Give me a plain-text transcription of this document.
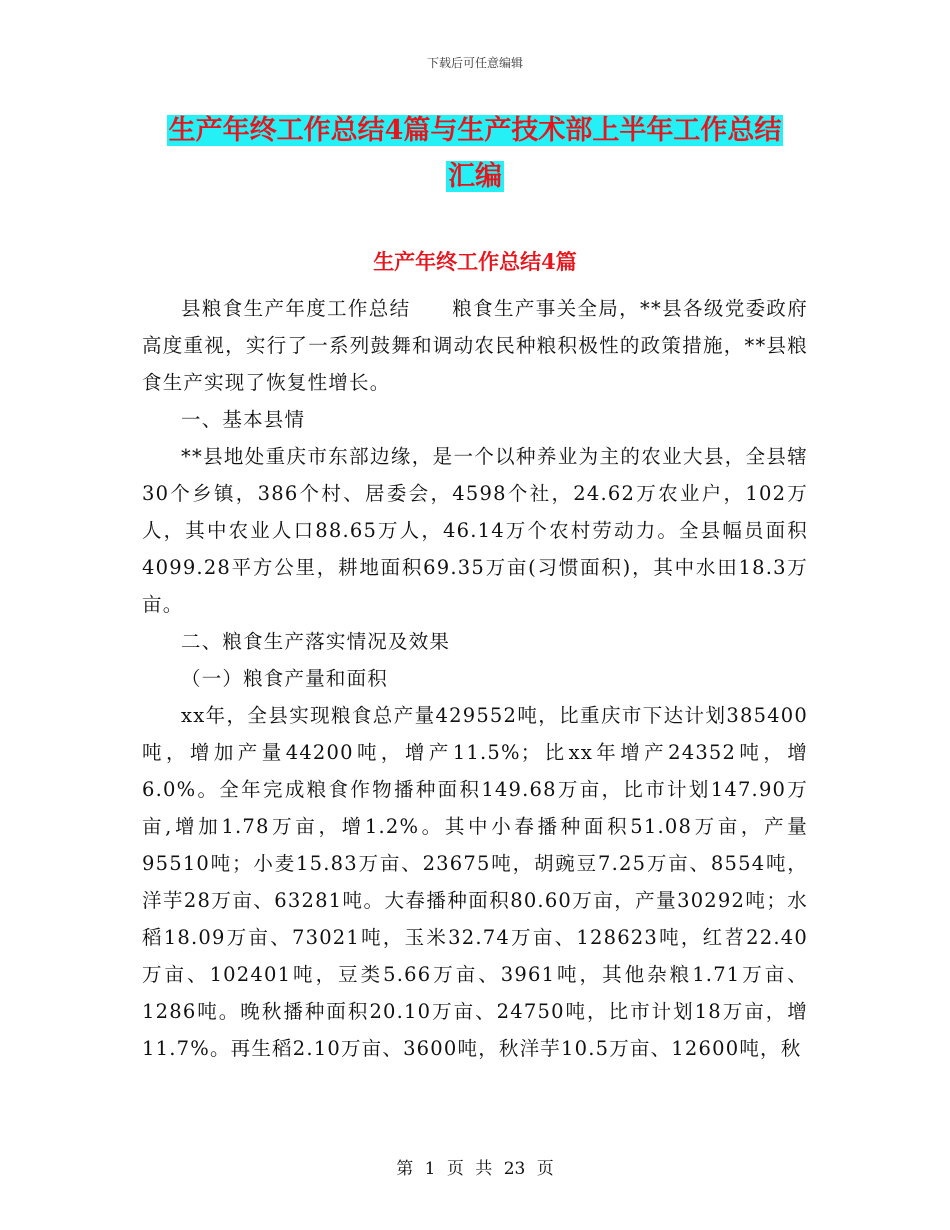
下载后可任意编辑
生产年终工作总结4篇与生产技术部上半年工作总结
汇编
生产年终工作总结4篇

县粮食生产年度工作总结　　粮食生产事关全局，**县各级党委政府高度重视，实行了一系列鼓舞和调动农民种粮积极性的政策措施，**县粮食生产实现了恢复性增长。

一、基本县情

**县地处重庆市东部边缘，是一个以种养业为主的农业大县，全县辖30个乡镇，386个村、居委会，4598个社，24.62万农业户，102万人，其中农业人口88.65万人，46.14万个农村劳动力。全县幅员面积4099.28平方公里，耕地面积69.35万亩(习惯面积)，其中水田18.3万亩。

二、粮食生产落实情况及效果

（一）粮食产量和面积

xx年，全县实现粮食总产量429552吨，比重庆市下达计划385400吨，增加产量44200吨，增产11.5%；比xx年增产24352吨，增6.0%。全年完成粮食作物播种面积149.68万亩，比市计划147.90万亩,增加1.78万亩，增1.2%。其中小春播种面积51.08万亩，产量95510吨；小麦15.83万亩、23675吨，胡豌豆7.25万亩、8554吨，洋芋28万亩、63281吨。大春播种面积80.60万亩，产量30292吨；水稻18.09万亩、73021吨，玉米32.74万亩、128623吨，红苕22.40万亩、102401吨，豆类5.66万亩、3961吨，其他杂粮1.71万亩、1286吨。晚秋播种面积20.10万亩、24750吨，比市计划18万亩，增11.7%。再生稻2.10万亩、3600吨，秋洋芋10.5万亩、12600吨，秋

第 1 页 共 23 页
